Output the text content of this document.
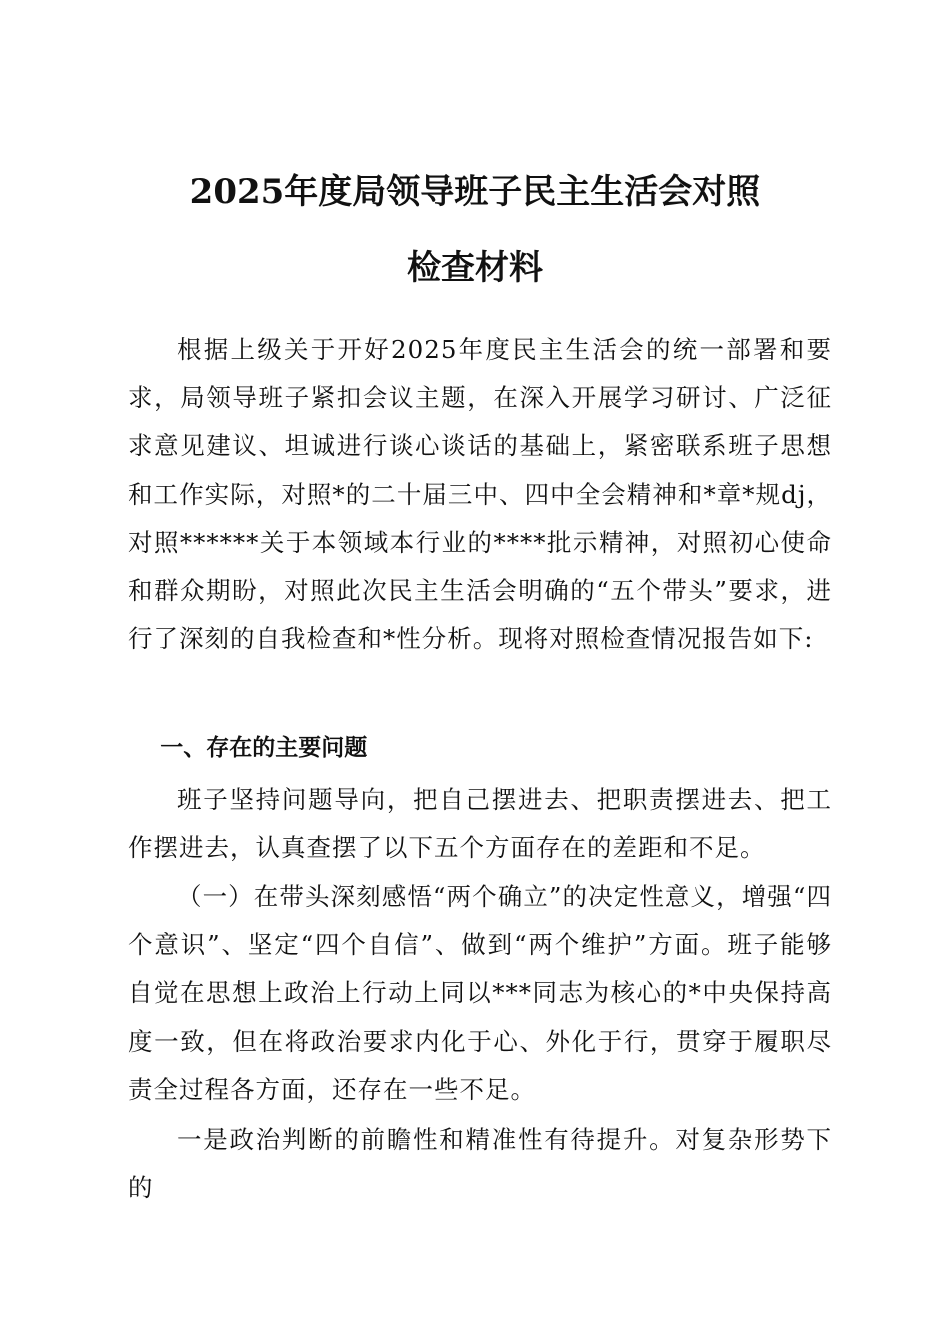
2025年度局领导班子民主生活会对照
检查材料

根据上级关于开好2025年度民主生活会的统一部署和要求，局领导班子紧扣会议主题，在深入开展学习研讨、广泛征求意见建议、坦诚进行谈心谈话的基础上，紧密联系班子思想和工作实际，对照*的二十届三中、四中全会精神和*章*规dj，对照******关于本领域本行业的****批示精神，对照初心使命和群众期盼，对照此次民主生活会明确的“五个带头”要求，进行了深刻的自我检查和*性分析。现将对照检查情况报告如下:

一、存在的主要问题

班子坚持问题导向，把自己摆进去、把职责摆进去、把工作摆进去，认真查摆了以下五个方面存在的差距和不足。

（一）在带头深刻感悟“两个确立”的决定性意义，增强“四个意识”、坚定“四个自信”、做到“两个维护”方面。班子能够自觉在思想上政治上行动上同以***同志为核心的*中央保持高度一致，但在将政治要求内化于心、外化于行，贯穿于履职尽责全过程各方面，还存在一些不足。

一是政治判断的前瞻性和精准性有待提升。对复杂形势下的
